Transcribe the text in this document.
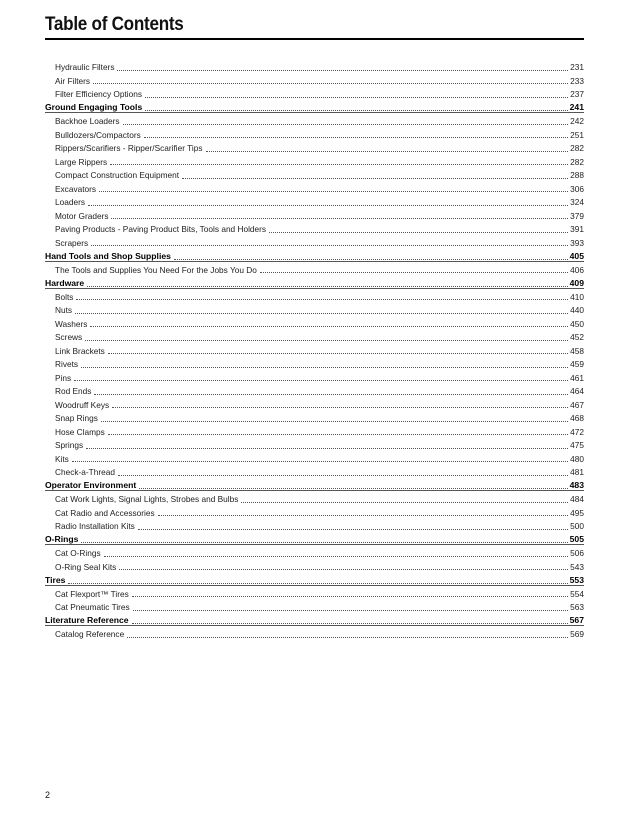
Table of Contents
Hydraulic Filters	231
Air Filters	233
Filter Efficiency Options	237
Ground Engaging Tools	241
Backhoe Loaders	242
Bulldozers/Compactors	251
Rippers/Scarifiers - Ripper/Scarifier Tips	282
Large Rippers	282
Compact Construction Equipment	288
Excavators	306
Loaders	324
Motor Graders	379
Paving Products - Paving Product Bits, Tools and Holders	391
Scrapers	393
Hand Tools and Shop Supplies	405
The Tools and Supplies You Need For the Jobs You Do	406
Hardware	409
Bolts	410
Nuts	440
Washers	450
Screws	452
Link Brackets	458
Rivets	459
Pins	461
Rod Ends	464
Woodruff Keys	467
Snap Rings	468
Hose Clamps	472
Springs	475
Kits	480
Check-a-Thread	481
Operator Environment	483
Cat Work Lights, Signal Lights, Strobes and Bulbs	484
Cat Radio and Accessories	495
Radio Installation Kits	500
O-Rings	505
Cat O-Rings	506
O-Ring Seal Kits	543
Tires	553
Cat Flexport™ Tires	554
Cat Pneumatic Tires	563
Literature Reference	567
Catalog Reference	569
2
